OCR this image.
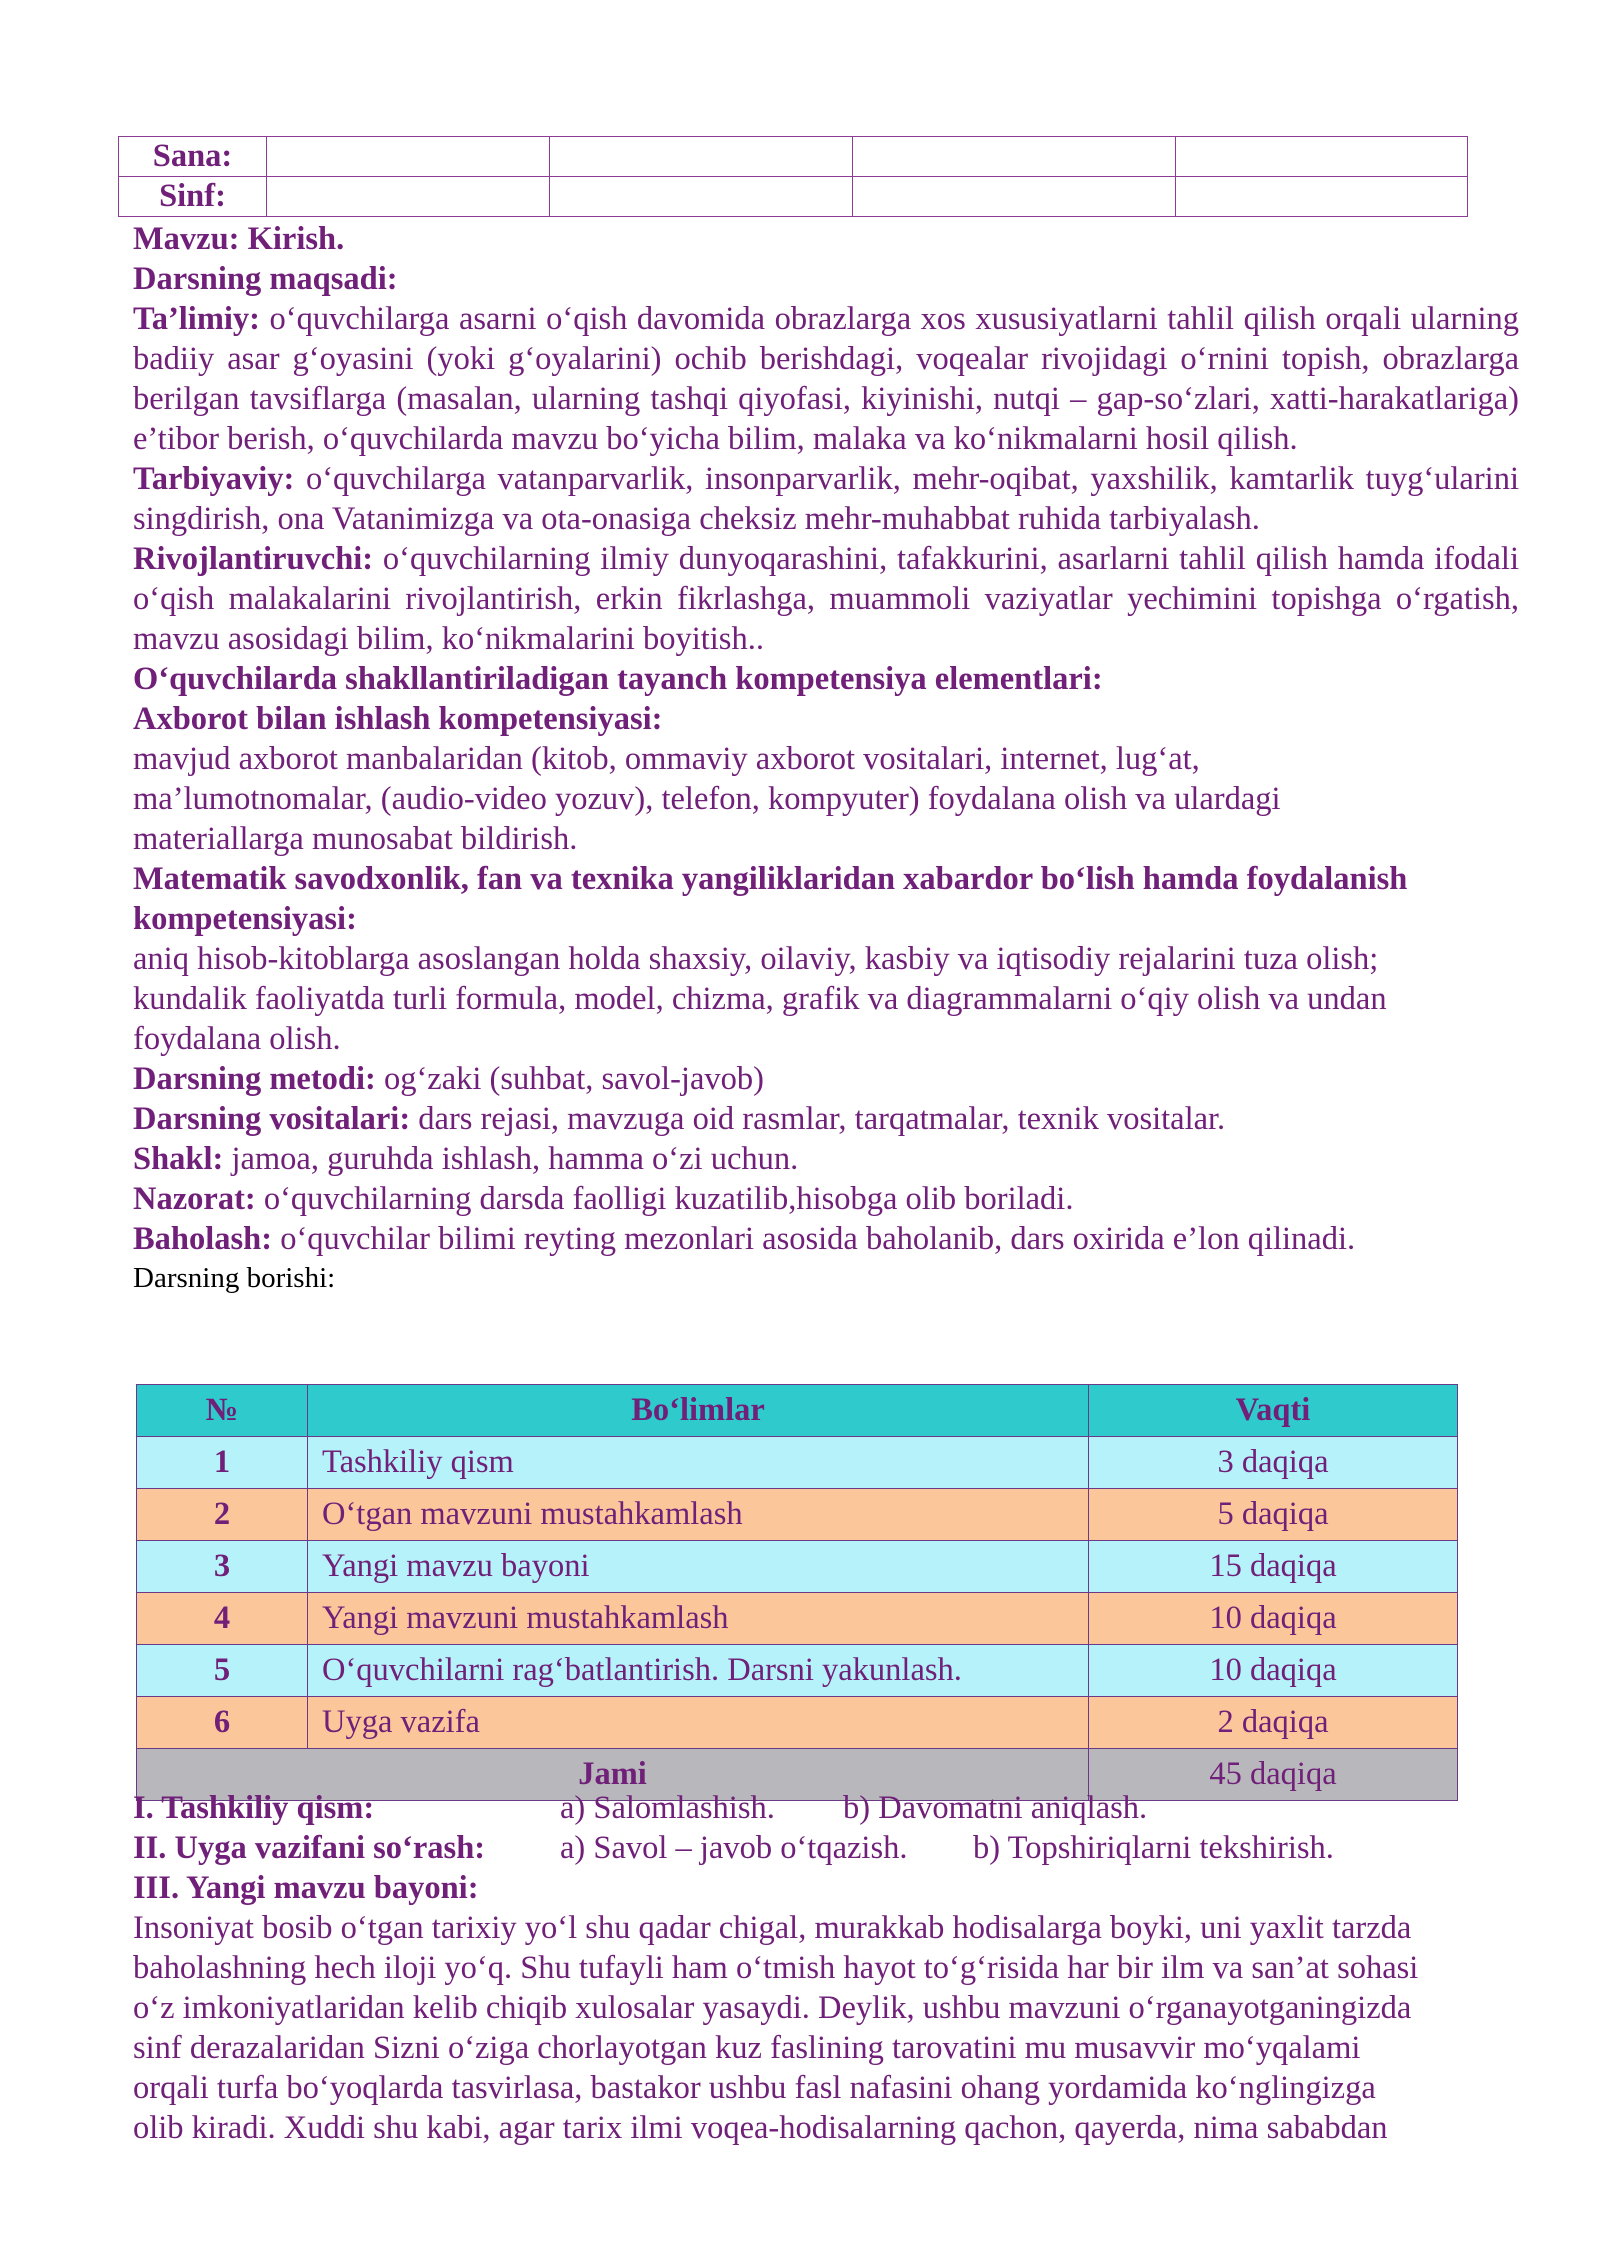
Sana:				
Sinf:				
Mavzu: Kirish.
Darsning maqsadi:
Ta’limiy: o‘quvchilarga asarni o‘qish davomida obrazlarga xos xususiyatlarni tahlil qilish orqali ularning badiiy asar g‘oyasini (yoki g‘oyalarini) ochib berishdagi, voqealar rivojidagi o‘rnini topish, obrazlarga berilgan tavsiflarga (masalan, ularning tashqi qiyofasi, kiyinishi, nutqi – gap-so‘zlari, xatti-harakatlariga) e’tibor berish, o‘quvchilarda mavzu bo‘yicha bilim, malaka va ko‘nikmalarni hosil qilish.
Tarbiyaviy: o‘quvchilarga vatanparvarlik, insonparvarlik, mehr-oqibat, yaxshilik, kamtarlik tuyg‘ularini singdirish, ona Vatanimizga va ota-onasiga cheksiz mehr-muhabbat ruhida tarbiyalash.
Rivojlantiruvchi: o‘quvchilarning ilmiy dunyoqarashini, tafakkurini, asarlarni tahlil qilish hamda ifodali o‘qish malakalarini rivojlantirish, erkin fikrlashga, muammoli vaziyatlar yechimini topishga o‘rgatish, mavzu asosidagi bilim, ko‘nikmalarini boyitish..
O‘quvchilarda shakllantiriladigan tayanch kompetensiya elementlari:
Axborot bilan ishlash kompetensiyasi:
mavjud axborot manbalaridan (kitob, ommaviy axborot vositalari, internet, lug‘at,
ma’lumotnomalar, (audio-video yozuv), telefon, kompyuter) foydalana olish va ulardagi
materiallarga munosabat bildirish.
Matematik savodxonlik, fan va texnika yangiliklaridan xabardor bo‘lish hamda foydalanish kompetensiyasi:
aniq hisob-kitoblarga asoslangan holda shaxsiy, oilaviy, kasbiy va iqtisodiy rejalarini tuza olish;
kundalik faoliyatda turli formula, model, chizma, grafik va diagrammalarni o‘qiy olish va undan
foydalana olish.
Darsning metodi: og‘zaki (suhbat, savol-javob)
Darsning vositalari: dars rejasi, mavzuga oid rasmlar, tarqatmalar, texnik vositalar.
Shakl: jamoa, guruhda ishlash, hamma o‘zi uchun.
Nazorat: o‘quvchilarning darsda faolligi kuzatilib,hisobga olib boriladi.
Baholash: o‘quvchilar bilimi reyting mezonlari asosida baholanib, dars oxirida e’lon qilinadi.
Darsning borishi:
№	Bo‘limlar	Vaqti
1	Tashkiliy qism	3 daqiqa
2	O‘tgan mavzuni mustahkamlash	5 daqiqa
3	Yangi mavzu bayoni	15 daqiqa
4	Yangi mavzuni mustahkamlash	10 daqiqa
5	O‘quvchilarni rag‘batlantirish. Darsni yakunlash.	10 daqiqa
6	Uyga vazifa	2 daqiqa
Jami		45 daqiqa
I. Tashkiliy qism:	a) Salomlashish. b) Davomatni aniqlash.
II. Uyga vazifani so‘rash: a) Savol – javob o‘tqazish. b) Topshiriqlarni tekshirish.
III. Yangi mavzu bayoni:
Insoniyat bosib o‘tgan tarixiy yo‘l shu qadar chigal, murakkab hodisalarga boyki, uni yaxlit tarzda
baholashning hech iloji yo‘q. Shu tufayli ham o‘tmish hayot to‘g‘risida har bir ilm va san’at sohasi
o‘z imkoniyatlaridan kelib chiqib xulosalar yasaydi. Deylik, ushbu mavzuni o‘rganayotganingizda
sinf derazalaridan Sizni o‘ziga chorlayotgan kuz faslining tarovatini mu musavvir mo‘yqalami
orqali turfa bo‘yoqlarda tasvirlasa, bastakor ushbu fasl nafasini ohang yordamida ko‘nglingizga
olib kiradi. Xuddi shu kabi, agar tarix ilmi voqea-hodisalarning qachon, qayerda, nima sababdan
